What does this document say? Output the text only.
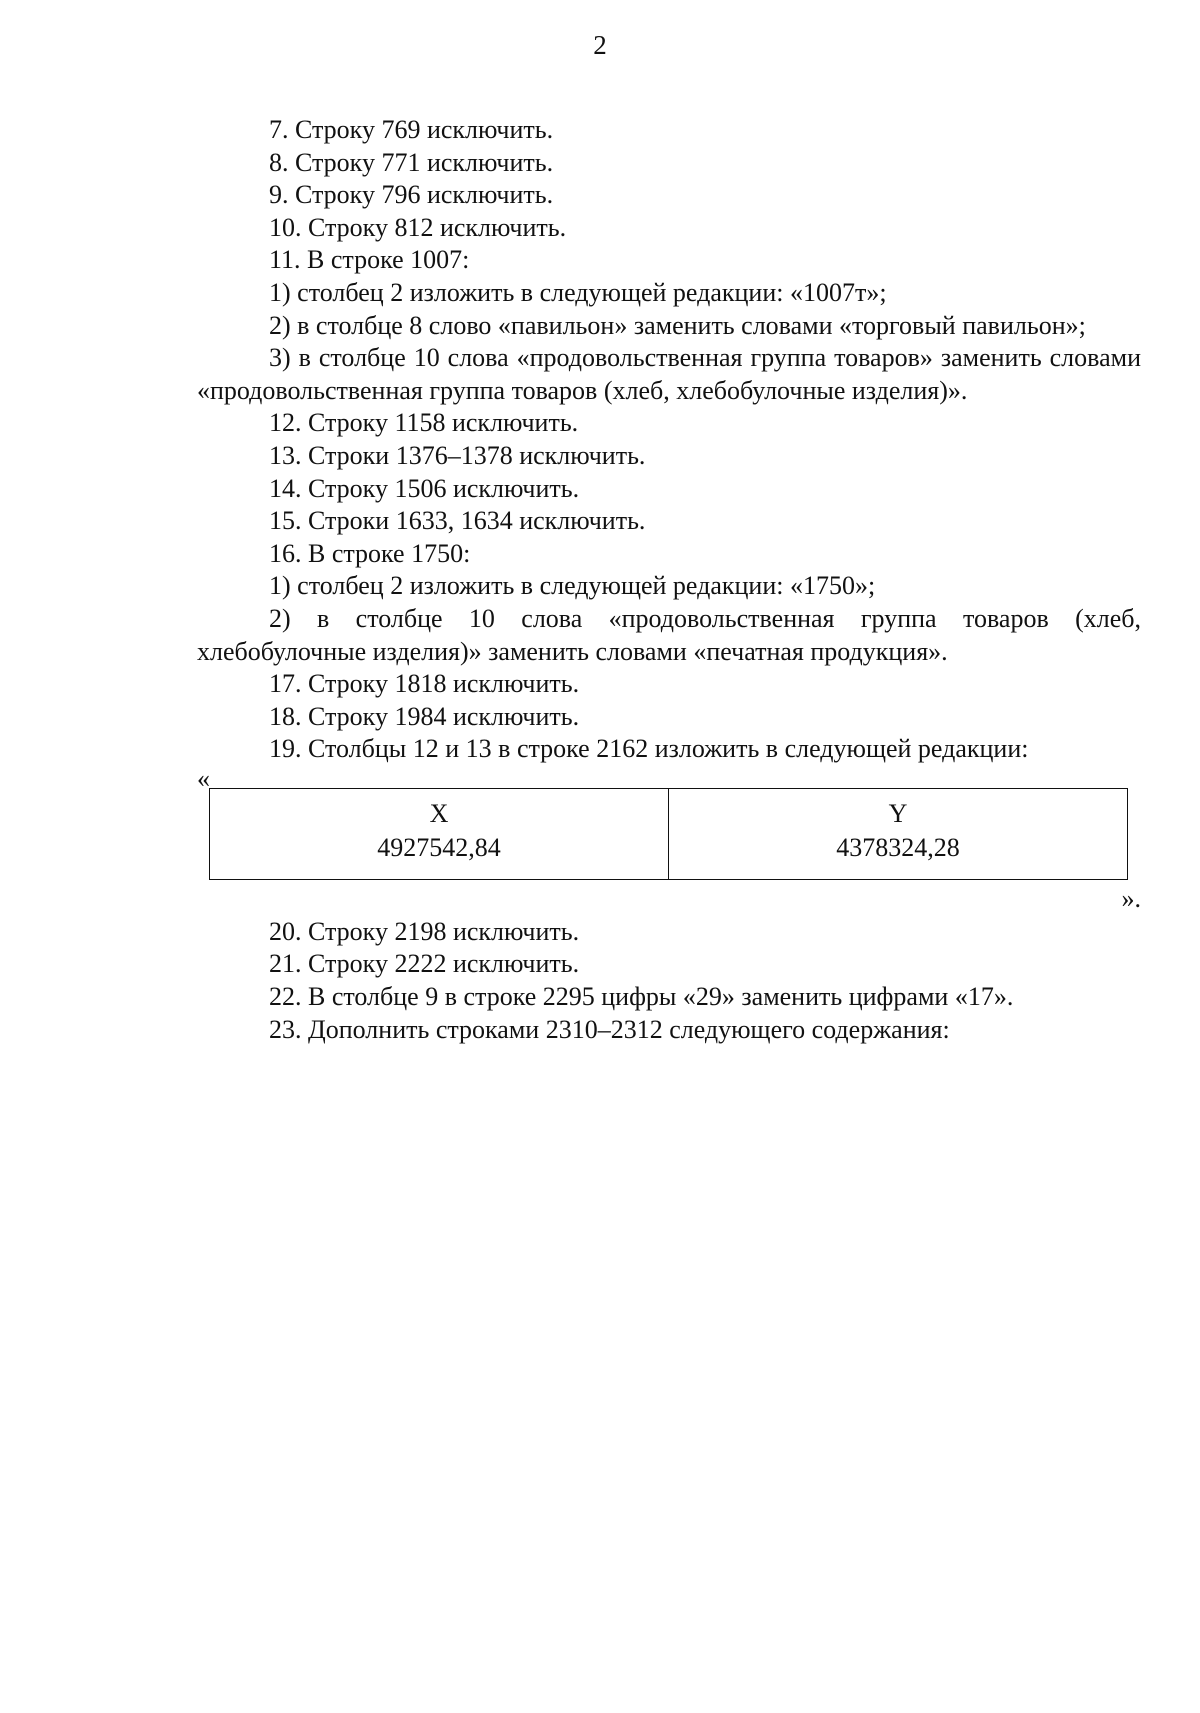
2

7. Строку 769 исключить.

8. Строку 771 исключить.

9. Строку 796 исключить.

10. Строку 812 исключить.

11. В строке 1007:

1) столбец 2 изложить в следующей редакции: «1007т»;

2) в столбце 8 слово «павильон» заменить словами «торговый павильон»;

3) в столбце 10 слова «продовольственная группа товаров» заменить словами «продовольственная группа товаров (хлеб, хлебобулочные изделия)».

12. Строку 1158 исключить.

13. Строки 1376–1378 исключить.

14. Строку 1506 исключить.

15. Строки 1633, 1634 исключить.

16. В строке 1750:

1) столбец 2 изложить в следующей редакции: «1750»;

2) в столбце 10 слова «продовольственная группа товаров (хлеб, хлебобулочные изделия)» заменить словами «печатная продукция».

17. Строку 1818 исключить.

18. Строку 1984 исключить.

19. Столбцы 12 и 13 в строке 2162 изложить в следующей редакции:

«
X
4927542,84

Y
4378324,28
».

20. Строку 2198 исключить.

21. Строку 2222 исключить.

22. В столбце 9 в строке 2295 цифры «29» заменить цифрами «17».

23. Дополнить строками 2310–2312 следующего содержания:
